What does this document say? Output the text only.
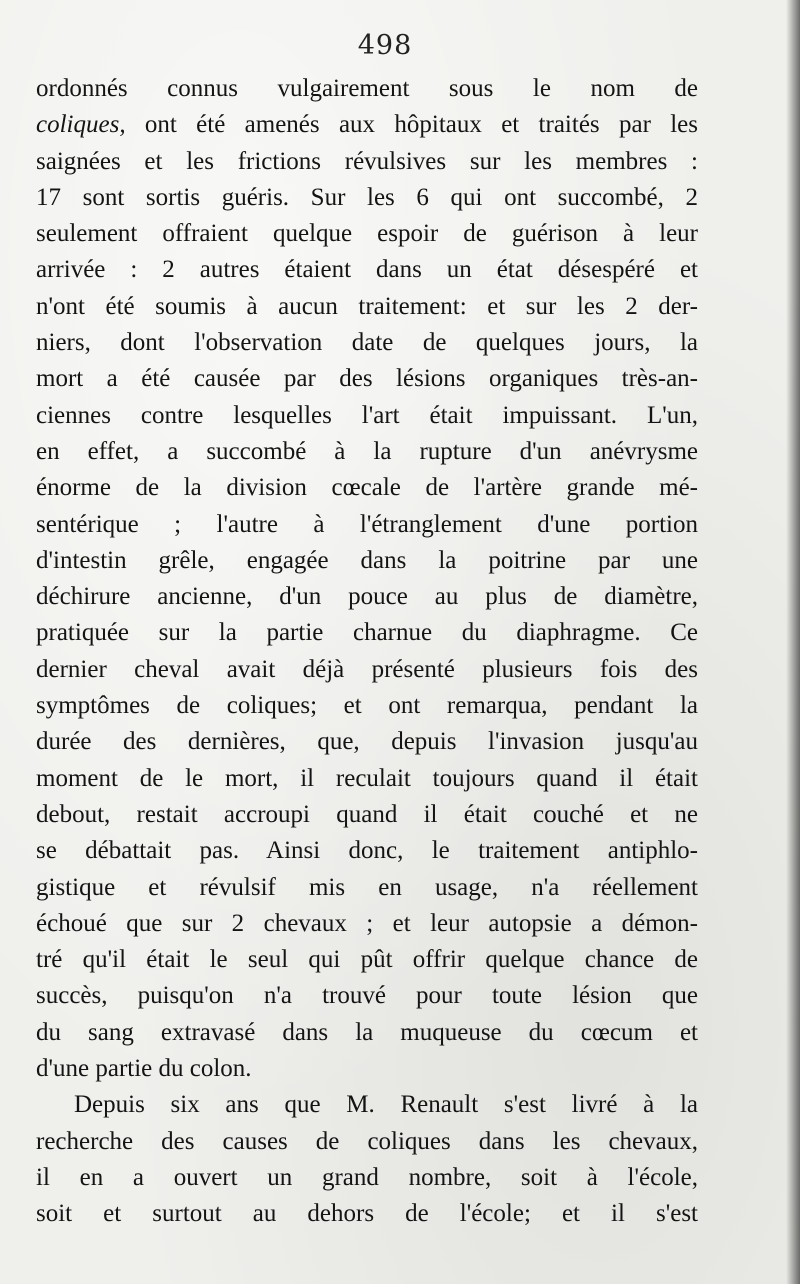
498
ordonnés connus vulgairement sous le nom de
coliques, ont été amenés aux hôpitaux et traités par les
saignées et les frictions révulsives sur les membres :
17 sont sortis guéris. Sur les 6 qui ont succombé, 2
seulement offraient quelque espoir de guérison à leur
arrivée : 2 autres étaient dans un état désespéré et
n'ont été soumis à aucun traitement: et sur les 2 der-
niers, dont l'observation date de quelques jours, la
mort a été causée par des lésions organiques très-an-
ciennes contre lesquelles l'art était impuissant. L'un,
en effet, a succombé à la rupture d'un anévrysme
énorme de la division cœcale de l'artère grande mé-
sentérique ; l'autre à l'étranglement d'une portion
d'intestin grêle, engagée dans la poitrine par une
déchirure ancienne, d'un pouce au plus de diamètre,
pratiquée sur la partie charnue du diaphragme. Ce
dernier cheval avait déjà présenté plusieurs fois des
symptômes de coliques; et ont remarqua, pendant la
durée des dernières, que, depuis l'invasion jusqu'au
moment de le mort, il reculait toujours quand il était
debout, restait accroupi quand il était couché et ne
se débattait pas. Ainsi donc, le traitement antiphlo-
gistique et révulsif mis en usage, n'a réellement
échoué que sur 2 chevaux ; et leur autopsie a démon-
tré qu'il était le seul qui pût offrir quelque chance de
succès, puisqu'on n'a trouvé pour toute lésion que
du sang extravasé dans la muqueuse du cœcum et
d'une partie du colon.
Depuis six ans que M. Renault s'est livré à la
recherche des causes de coliques dans les chevaux,
il en a ouvert un grand nombre, soit à l'école,
soit et surtout au dehors de l'école; et il s'est
